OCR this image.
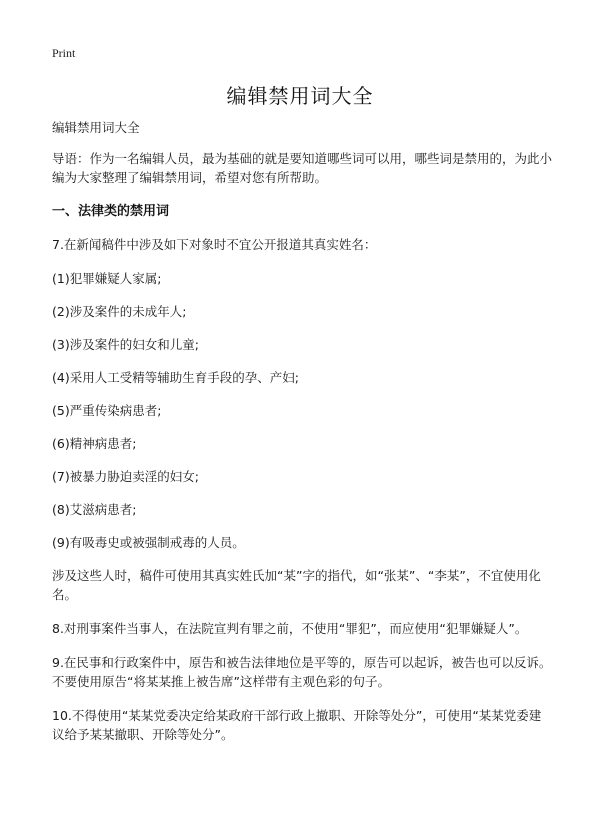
Print
编辑禁用词大全

编辑禁用词大全

导语：作为一名编辑人员，最为基础的就是要知道哪些词可以用，哪些词是禁用的，为此小编为大家整理了编辑禁用词，希望对您有所帮助。

一、法律类的禁用词

7.在新闻稿件中涉及如下对象时不宜公开报道其真实姓名：

(1)犯罪嫌疑人家属;
(2)涉及案件的未成年人;
(3)涉及案件的妇女和儿童;
(4)采用人工受精等辅助生育手段的孕、产妇;
(5)严重传染病患者;
(6)精神病患者;
(7)被暴力胁迫卖淫的妇女;
(8)艾滋病患者;
(9)有吸毒史或被强制戒毒的人员。

涉及这些人时，稿件可使用其真实姓氏加“某”字的指代，如“张某”、“李某”，不宜使用化名。

8.对刑事案件当事人，在法院宣判有罪之前，不使用“罪犯”，而应使用“犯罪嫌疑人”。

9.在民事和行政案件中，原告和被告法律地位是平等的，原告可以起诉，被告也可以反诉。不要使用原告“将某某推上被告席”这样带有主观色彩的句子。

10.不得使用“某某党委决定给某政府干部行政上撤职、开除等处分”，可使用“某某党委建议给予某某撤职、开除等处分”。
